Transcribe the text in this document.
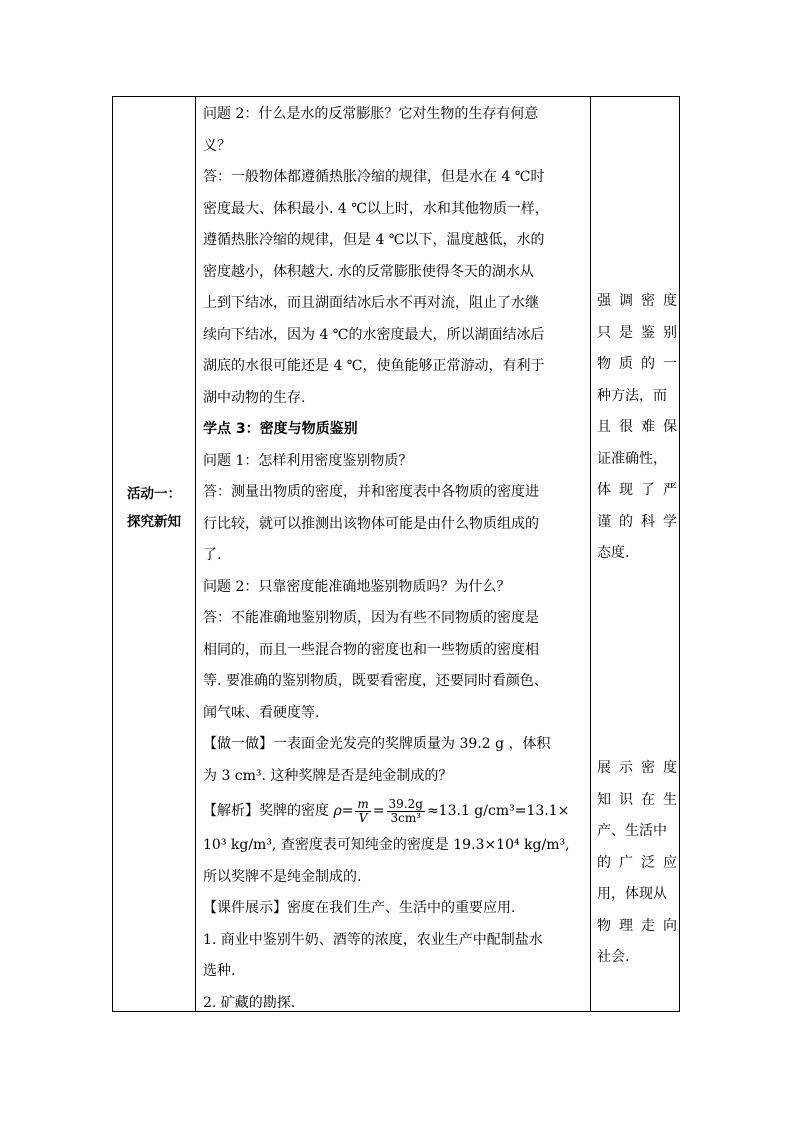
活动一：
探究新知
问题 2：什么是水的反常膨胀？它对生物的生存有何意
义？
答：一般物体都遵循热胀冷缩的规律，但是水在 4 ℃时
密度最大、体积最小. 4 ℃以上时，水和其他物质一样，
遵循热胀冷缩的规律，但是 4 ℃以下，温度越低，水的
密度越小，体积越大. 水的反常膨胀使得冬天的湖水从
上到下结冰，而且湖面结冰后水不再对流，阻止了水继
续向下结冰，因为 4 ℃的水密度最大，所以湖面结冰后
湖底的水很可能还是 4 ℃，使鱼能够正常游动，有利于
湖中动物的生存.
学点 3：密度与物质鉴别
问题 1：怎样利用密度鉴别物质？
答：测量出物质的密度，并和密度表中各物质的密度进
行比较，就可以推测出该物体可能是由什么物质组成的
了.
问题 2：只靠密度能准确地鉴别物质吗？为什么？
答：不能准确地鉴别物质，因为有些不同物质的密度是
相同的，而且一些混合物的密度也和一些物质的密度相
等. 要准确的鉴别物质，既要看密度，还要同时看颜色、
闻气味、看硬度等.
【做一做】一表面金光发亮的奖牌质量为 39.2 g ，体积
为 3 cm³. 这种奖牌是否是纯金制成的？
【解析】奖牌的密度 $\rho= \frac{m}{V} = \frac{39.2g}{\text{3cm³}} \approx 13.1$ g/cm³=13.1×
10³ kg/m³, 查密度表可知纯金的密度是 19.3×10⁴ kg/m³,
所以奖牌不是纯金制成的.
【课件展示】密度在我们生产、生活中的重要应用.
1. 商业中鉴别牛奶、酒等的浓度，农业生产中配制盐水
选种.
2. 矿藏的勘探.
强 调 密 度
只 是 鉴 别
物 质 的 一
种方法，而
且 很 难 保
证准确性，
体 现 了 严
谨 的 科 学
态度.
展 示 密 度
知 识 在 生
产、生活中
的 广 泛 应
用，体现从
物 理 走 向
社会.
